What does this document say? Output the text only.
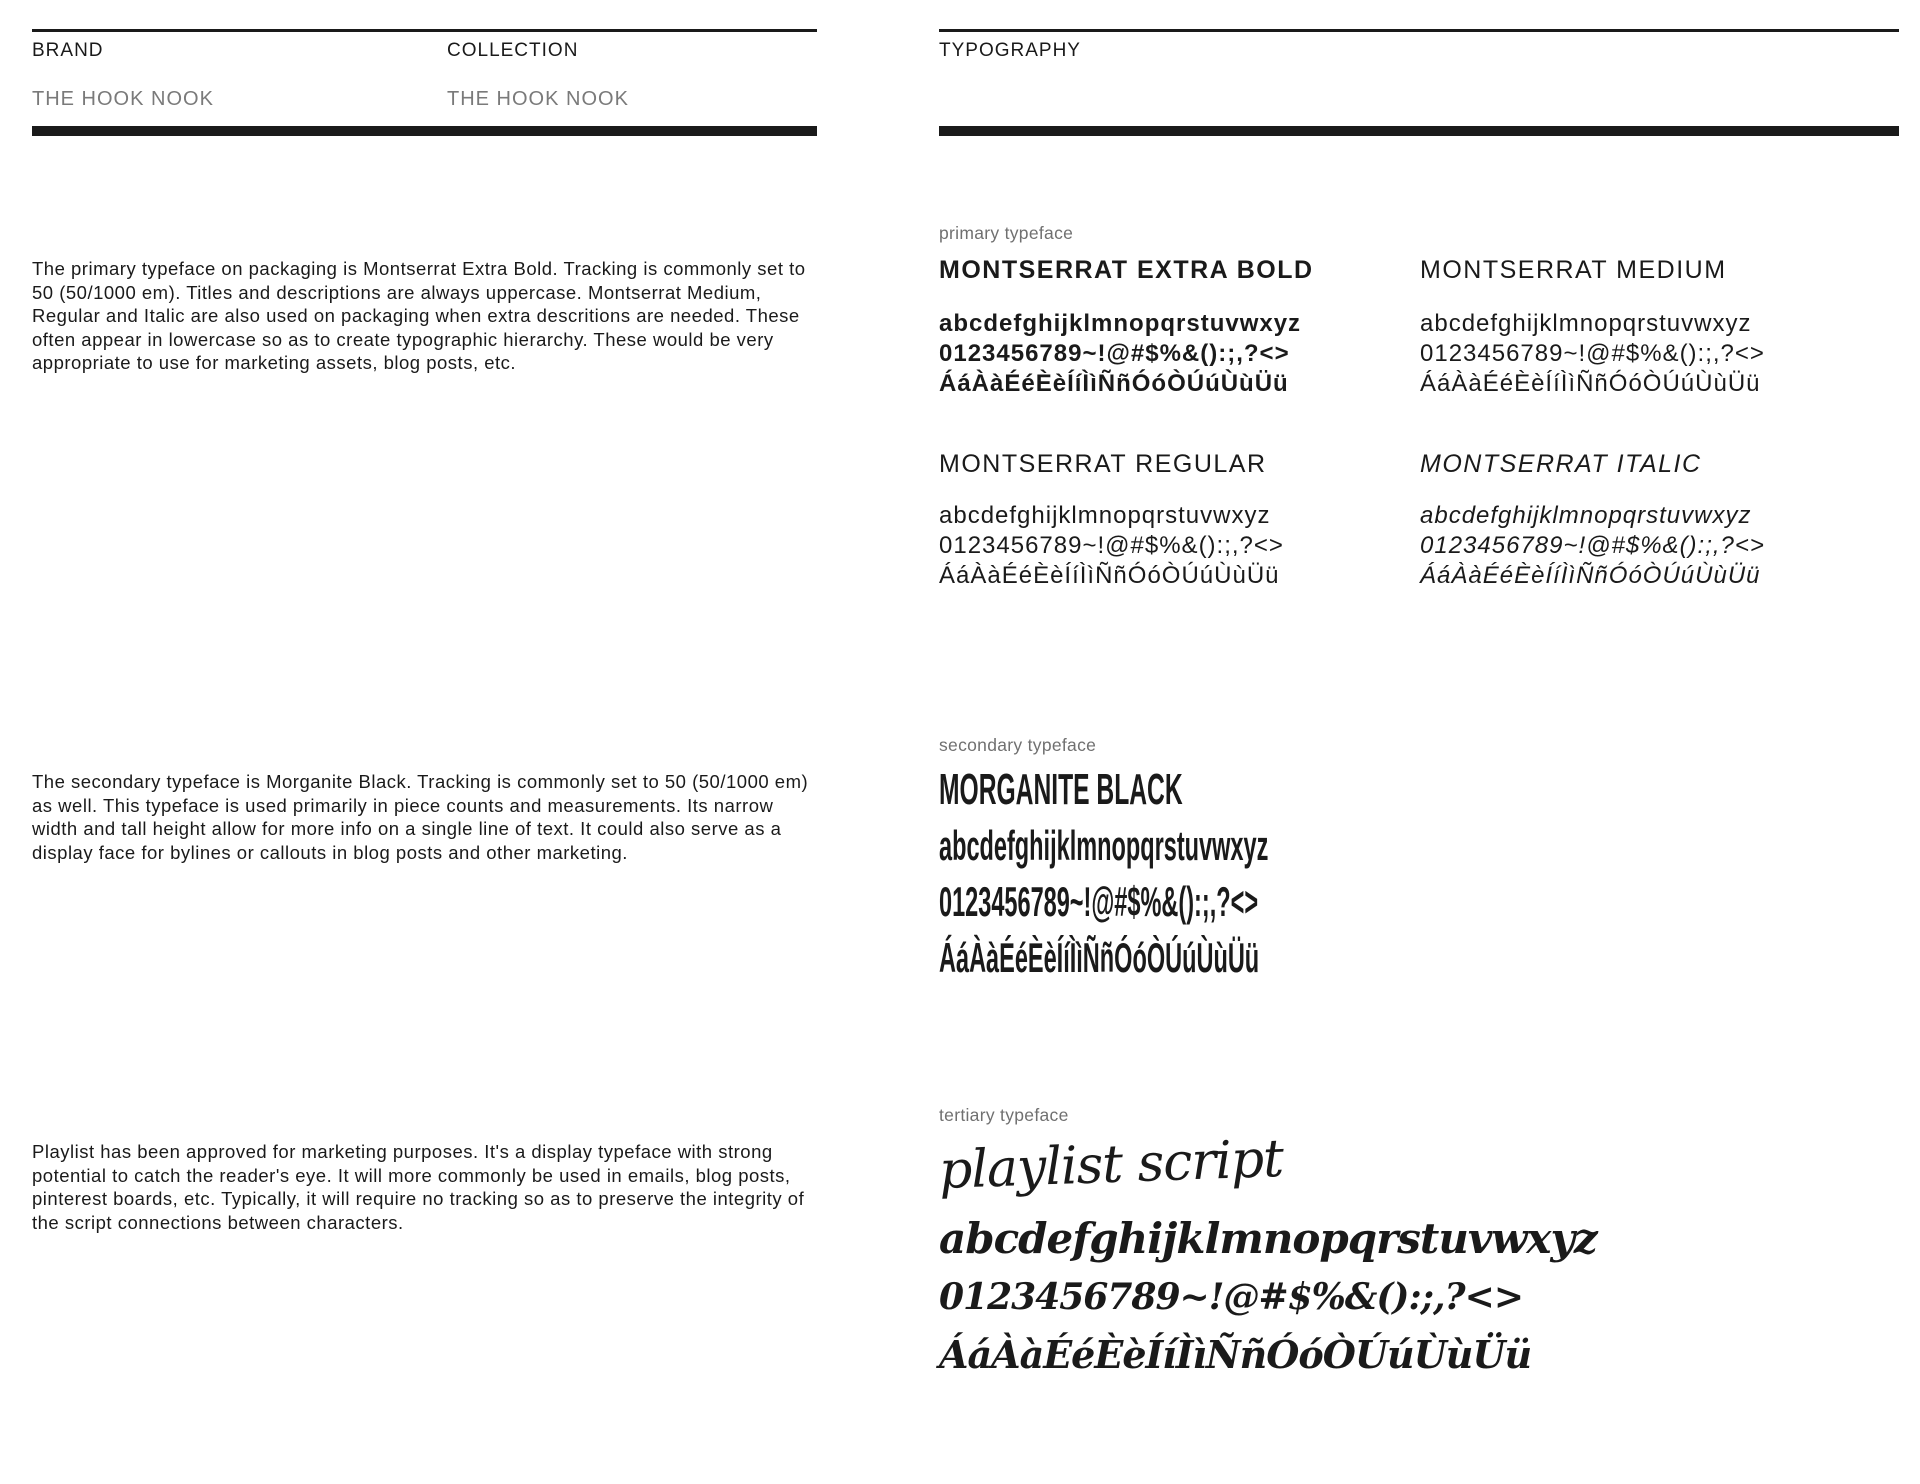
BRAND
THE HOOK NOOK
COLLECTION
THE HOOK NOOK
TYPOGRAPHY
The primary typeface on packaging is Montserrat Extra Bold. Tracking is commonly set to 50 (50/1000 em). Titles and descriptions are always uppercase. Montserrat Medium, Regular and Italic are also used on packaging when extra descritions are needed. These often appear in lowercase so as to create typographic hierarchy. These would be very appropriate to use for marketing assets, blog posts, etc.
The secondary typeface is Morganite Black. Tracking is commonly set to 50 (50/1000 em) as well. This typeface is used primarily in piece counts and measurements. Its narrow width and tall height allow for more info on a single line of text. It could also serve as a display face for bylines or callouts in blog posts and other marketing.
Playlist has been approved for marketing purposes. It's a display typeface with strong potential to catch the reader's eye. It will more commonly be used in emails, blog posts, pinterest boards, etc. Typically, it will require no tracking so as to preserve the integrity of the script connections between characters.
primary typeface
MONTSERRAT EXTRA BOLD
abcdefghijklmnopqrstuvwxyz
0123456789~!@#$%&():;,?<>
ÁáÀàÉéÈèÍíÌìÑñÓóÒÚúÙùÜü
MONTSERRAT MEDIUM
abcdefghijklmnopqrstuvwxyz
0123456789~!@#$%&():;,?<>
ÁáÀàÉéÈèÍíÌìÑñÓóÒÚúÙùÜü
MONTSERRAT REGULAR
abcdefghijklmnopqrstuvwxyz
0123456789~!@#$%&():;,?<>
ÁáÀàÉéÈèÍíÌìÑñÓóÒÚúÙùÜü
MONTSERRAT ITALIC
abcdefghijklmnopqrstuvwxyz
0123456789~!@#$%&():;,?<>
ÁáÀàÉéÈèÍíÌìÑñÓóÒÚúÙùÜü
secondary typeface
MORGANITE BLACK
abcdefghijklmnopqrstuvwxyz
0123456789~!@#$%&():;,?<>
ÁáÀàÉéÈèÍíÌìÑñÓóÒÚúÙùÜü
tertiary typeface
playlist script
abcdefghijklmnopqrstuvwxyz
0123456789~!@#$%&():;,?<>
ÁáÀàÉéÈèÍíÌìÑñÓóÒÚúÙùÜü
